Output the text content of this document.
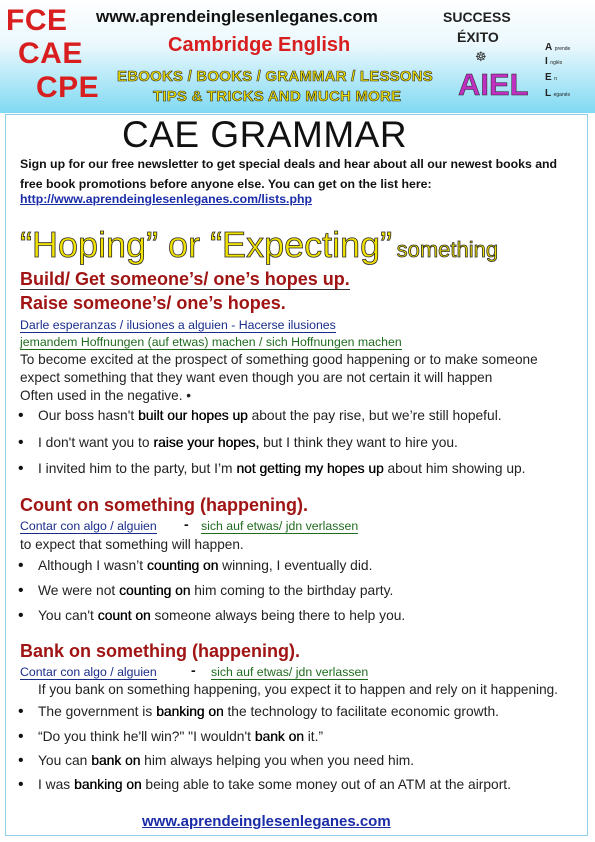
FCE
CAE
CPE
www.aprendeinglesenleganes.com
Cambridge English
EBOOKS / BOOKS / GRAMMAR / LESSONS
TIPS & TRICKS AND MUCH MORE
SUCCESS
ÉXITO
☸
AIEL
A prende
I nglés
E n
L eganés
CAE GRAMMAR
Sign up for our free newsletter to get special deals and hear about all our newest books and free book promotions before anyone else. You can get on the list here:
http://www.aprendeinglesenleganes.com/lists.php
“Hoping” or “Expecting” something
Build/ Get someone’s/ one’s hopes up.
Raise someone’s/ one’s hopes.
Darle esperanzas / ilusiones a alguien - Hacerse ilusiones
jemandem Hoffnungen (auf etwas) machen / sich Hoffnungen machen
To become excited at the prospect of something good happening or to make someone expect something that they want even though you are not certain it will happen
Often used in the negative. •
• Our boss hasn't built our hopes up about the pay rise, but we’re still hopeful.
• I don't want you to raise your hopes, but I think they want to hire you.
• I invited him to the party, but I’m not getting my hopes up about him showing up.
Count on something (happening).
Contar con algo / alguien - sich auf etwas/ jdn verlassen
to expect that something will happen.
• Although I wasn’t counting on winning, I eventually did.
• We were not counting on him coming to the birthday party.
• You can't count on someone always being there to help you.
Bank on something (happening).
Contar con algo / alguien - sich auf etwas/ jdn verlassen
If you bank on something happening, you expect it to happen and rely on it happening.
• The government is banking on the technology to facilitate economic growth.
• “Do you think he'll win?" "I wouldn't bank on it.”
• You can bank on him always helping you when you need him.
• I was banking on being able to take some money out of an ATM at the airport.
www.aprendeinglesenleganes.com
